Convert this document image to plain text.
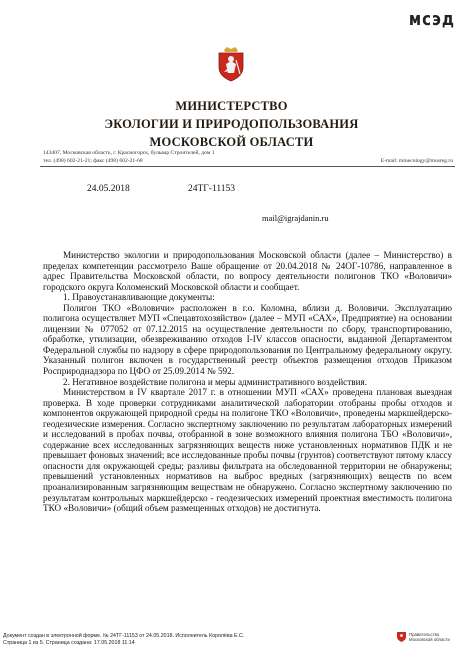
мсэд
МИНИСТЕРСТВО
ЭКОЛОГИИ И ПРИРОДОПОЛЬЗОВАНИЯ
МОСКОВСКОЙ ОБЛАСТИ
143407, Московская область, г. Красногорск, бульвар Строителей, дом 1
тел. (498) 602-21-21; факс (498) 602-21-68	E-mail: minecology@mosreg.ru
24.05.2018	24ТГ-11153
mail@igrajdanin.ru

Министерство экологии и природопользования Московской области (далее – Министерство) в пределах компетенции рассмотрело Ваше обращение от 20.04.2018 № 24ОГ-10786, направленное в адрес Правительства Московской области, по вопросу деятельности полигонов ТКО «Воловичи» городского округа Коломенский Московской области и сообщает.

1. Правоустанавливающие документы:

Полигон ТКО «Воловичи» расположен в г.о. Коломна, вблизи д. Воловичи. Эксплуатацию полигона осуществляет МУП «Спецавтохозяйство» (далее – МУП «САХ», Предприятие) на основании лицензии № 077052 от 07.12.2015 на осуществление деятельности по сбору, транспортированию, обработке, утилизации, обезвреживанию отходов I-IV классов опасности, выданной Департаментом Федеральной службы по надзору в сфере природопользования по Центральному федеральному округу. Указанный полигон включен в государственный реестр объектов размещения отходов Приказом Росприроднадзора по ЦФО от 25.09.2014 № 592.

2. Негативное воздействие полигона и меры административного воздействия.

Министерством в IV квартале 2017 г. в отношении МУП «САХ» проведена плановая выездная проверка. В ходе проверки сотрудниками аналитической лаборатории отобраны пробы отходов и компонентов окружающей природной среды на полигоне ТКО «Воловичи», проведены маркшейдерско-геодезические измерения. Согласно экспертному заключению по результатам лабораторных измерений и исследований в пробах почвы, отобранной в зоне возможного влияния полигона ТБО «Воловичи», содержание всех исследованных загрязняющих веществ ниже установленных нормативов ПДК и не превышает фоновых значений; все исследованные пробы почвы (грунтов) соответствуют пятому классу опасности для окружающей среды; разливы фильтрата на обследованной территории не обнаружены; превышений установленных нормативов на выброс вредных (загрязняющих) веществ по всем проанализированным загрязняющим веществам не обнаружено. Согласно экспертному заключению по результатам контрольных маркшейдерско - геодезических измерений проектная вместимость полигона ТКО «Воловичи» (общий объем размещенных отходов) не достигнута.

Документ создан в электронной форме. № 24ТГ-11153 от 24.05.2018. Исполнитель Королёва Е.С.
Страница 1 из 5. Страница создана: 17.05.2018 11:14
Правительство Московской области
